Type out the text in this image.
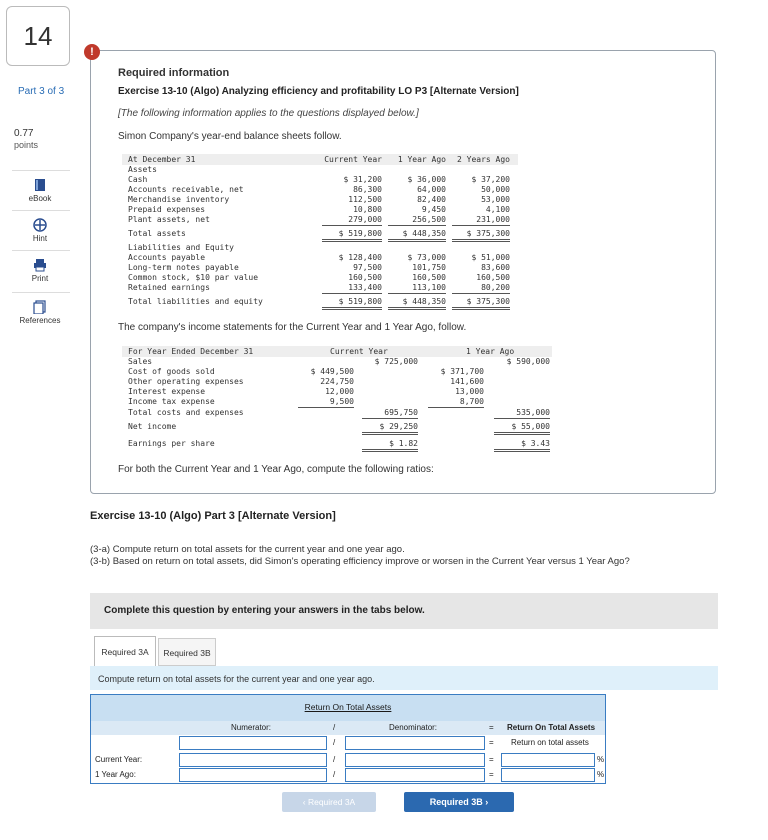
14
Part 3 of 3
0.77
points
eBook
Hint
Print
References
!
Required information
Exercise 13-10 (Algo) Analyzing efficiency and profitability LO P3 [Alternate Version]
[The following information applies to the questions displayed below.]
Simon Company's year-end balance sheets follow.
At December 31	Current Year	1 Year Ago	2 Years Ago
Assets
Cash	$ 31,200	$ 36,000	$ 37,200
Accounts receivable, net	86,300	64,000	50,000
Merchandise inventory	112,500	82,400	53,000
Prepaid expenses	10,800	9,450	4,100
Plant assets, net	279,000	256,500	231,000
Total assets	$ 519,800	$ 448,350	$ 375,300
Liabilities and Equity
Accounts payable	$ 128,400	$ 73,000	$ 51,000
Long-term notes payable	97,500	101,750	83,600
Common stock, $10 par value	160,500	160,500	160,500
Retained earnings	133,400	113,100	80,200
Total liabilities and equity	$ 519,800	$ 448,350	$ 375,300
The company's income statements for the Current Year and 1 Year Ago, follow.
For Year Ended December 31	Current Year	1 Year Ago
Sales	$ 725,000	$ 590,000
Cost of goods sold	$ 449,500	$ 371,700
Other operating expenses	224,750	141,600
Interest expense	12,000	13,000
Income tax expense	9,500	8,700
Total costs and expenses	695,750	535,000
Net income	$ 29,250	$ 55,000
Earnings per share	$ 1.82	$ 3.43
For both the Current Year and 1 Year Ago, compute the following ratios:
Exercise 13-10 (Algo) Part 3 [Alternate Version]
(3-a) Compute return on total assets for the current year and one year ago.
(3-b) Based on return on total assets, did Simon's operating efficiency improve or worsen in the Current Year versus 1 Year Ago?
Complete this question by entering your answers in the tabs below.
Required 3A	Required 3B
Compute return on total assets for the current year and one year ago.
Return On Total Assets
Numerator:	/	Denominator:	= Return On Total Assets
/	= Return on total assets
Current Year:	/	=	%
1 Year Ago:	/	=	%
‹ Required 3A	Required 3B ›
